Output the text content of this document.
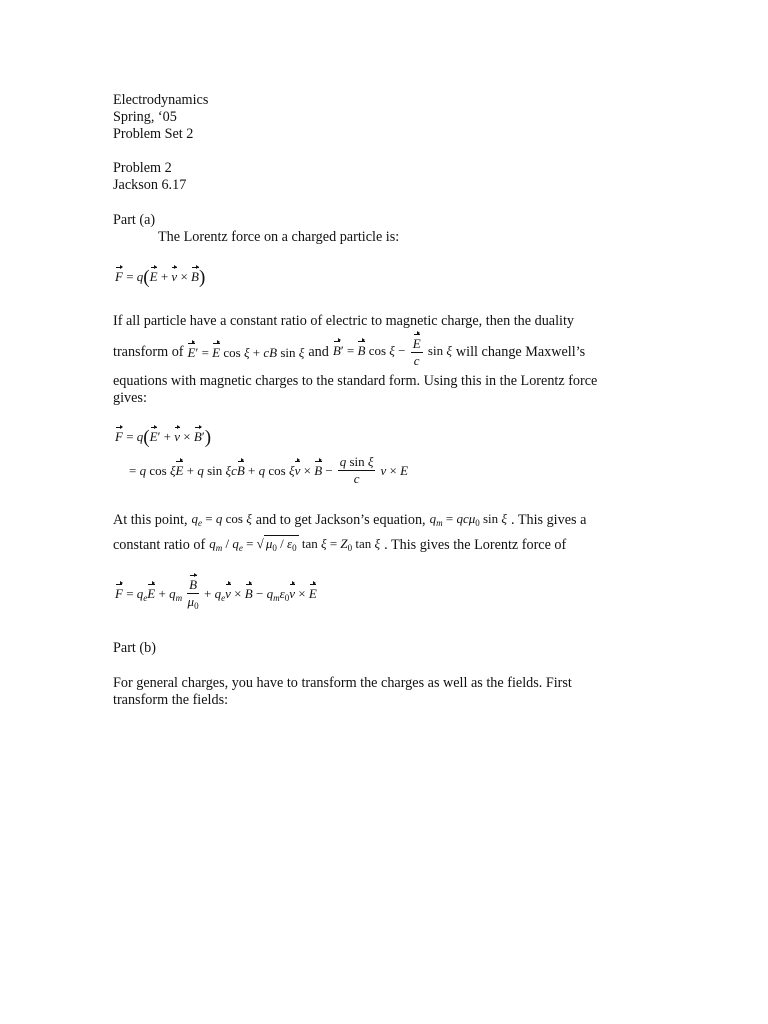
Electrodynamics
Spring, ‘05
Problem Set 2
Problem 2
Jackson 6.17
Part (a)
The Lorentz force on a charged particle is:
F = q(E + v × B)
If all particle have a constant ratio of electric to magnetic charge, then the duality
transform of E′ = E cos ξ + cB sin ξ and B′ = B $\cos \xi - \frac{E}{c}$ sin ξ will change Maxwell’s
equations with magnetic charges to the standard form. Using this in the Lorentz force
gives:
F = q(E′ + v × B′)
= q cos ξE + q sin ξcB + q $\cos \xi v \times B - \frac{\text{q sin ξ}}{c}$ v × E
At this point, $q_e = q$ cos ξ and to get Jackson’s equation, $q_m = qc\mu_0$ sin ξ . This gives a
constant ratio of $q_m / q_e$ = √ $\mu_0 / \varepsilon_0$ $\tan \xi = Z_0$ tan ξ . This gives the Lorentz force of
$F = q_eE + q_m \frac{B}{\mu_0} + q_ev \times B - q_m\varepsilon_0v \times E$
Part (b)
For general charges, you have to transform the charges as well as the fields. First
transform the fields:
